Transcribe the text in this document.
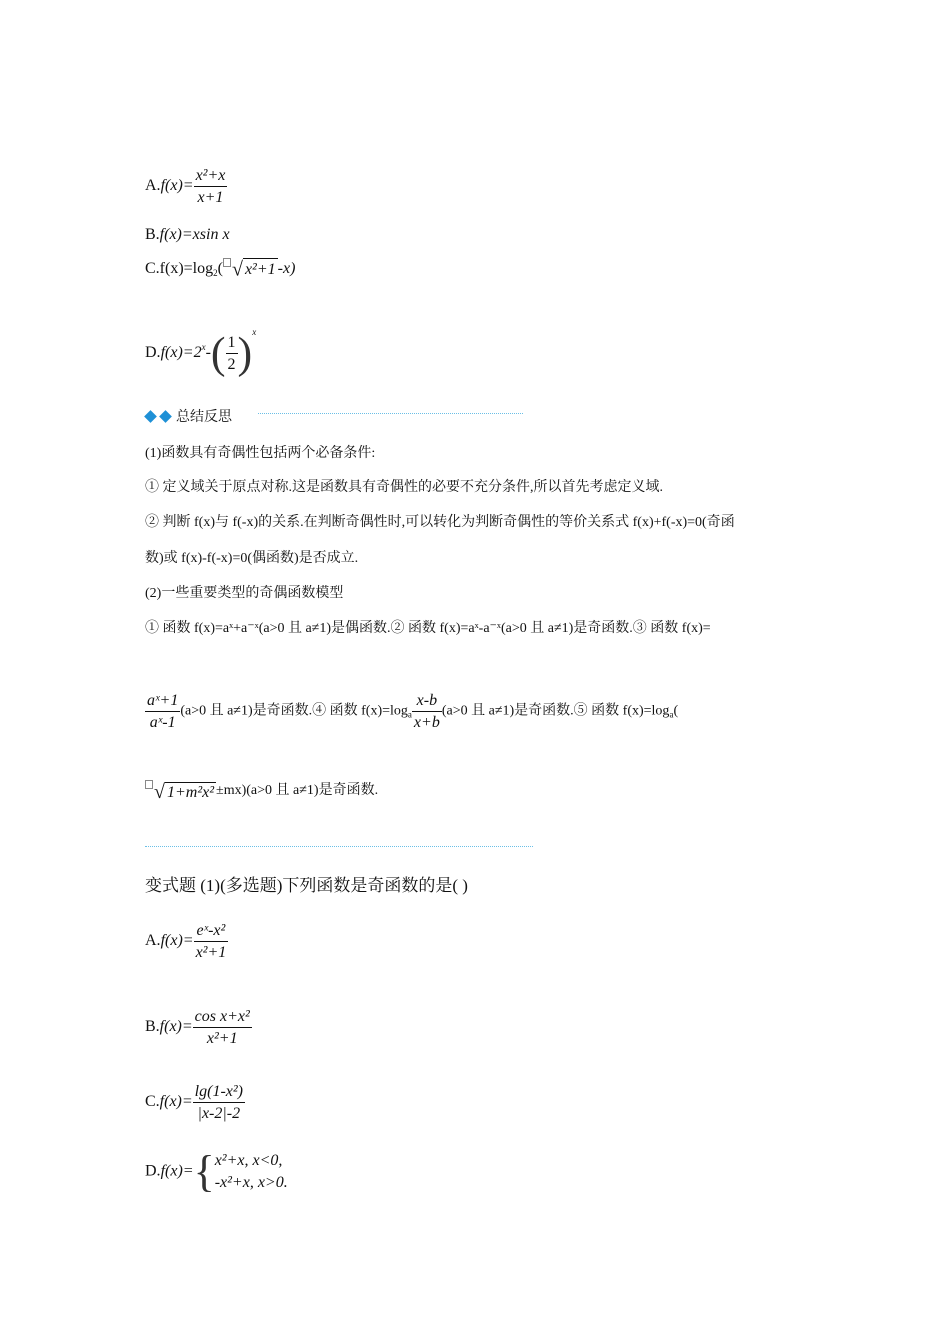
$A.f(x)= \frac{\text{x²+x}}{x+1}$
B.f(x)=xsin x
$C.f(x)=\log_2$( √ x²+1 -x)
$D.f(x)=2^x-( \frac{1}{2} )^x$
总结反思
(1)函数具有奇偶性包括两个必备条件:
① 定义域关于原点对称.这是函数具有奇偶性的必要不充分条件,所以首先考虑定义域.
② 判断 f(x)与 f(-x)的关系.在判断奇偶性时,可以转化为判断奇偶性的等价关系式 f(x)+f(-x)=0(奇函
数)或 f(x)-f(-x)=0(偶函数)是否成立.
(2)一些重要类型的奇偶函数模型
① 函数 f(x)=aˣ+a⁻ˣ(a>0 且 a≠1)是偶函数.② 函数 f(x)=aˣ-a⁻ˣ(a>0 且 a≠1)是奇函数.③ 函数 f(x)=
$\frac{\text{aˣ+1}}{\text{aˣ-1}} (a>0$ 且 a≠1)是奇函数.④ 函数 $f(x)=\log_a \frac{x-b}{x+b} (a>0$ 且 a≠1)是奇函数.⑤ 函数 $f(x)=\log_a$(
√ 1+m²x² ±mx)(a>0 且 a≠1)是奇函数.
变式题 (1)(多选题)下列函数是奇函数的是( )
$A.f(x)= \frac{\text{eˣ-x²}}{\text{x²+1}}$
$B.f(x)= \frac{\text{cos x+x²}}{\text{x²+1}}$
$C.f(x)= \frac{\text{lg(1-x²)}}{|x-2|-2}$
D.f(x)={ x²+x, x<0,
-x²+x, x>0.
